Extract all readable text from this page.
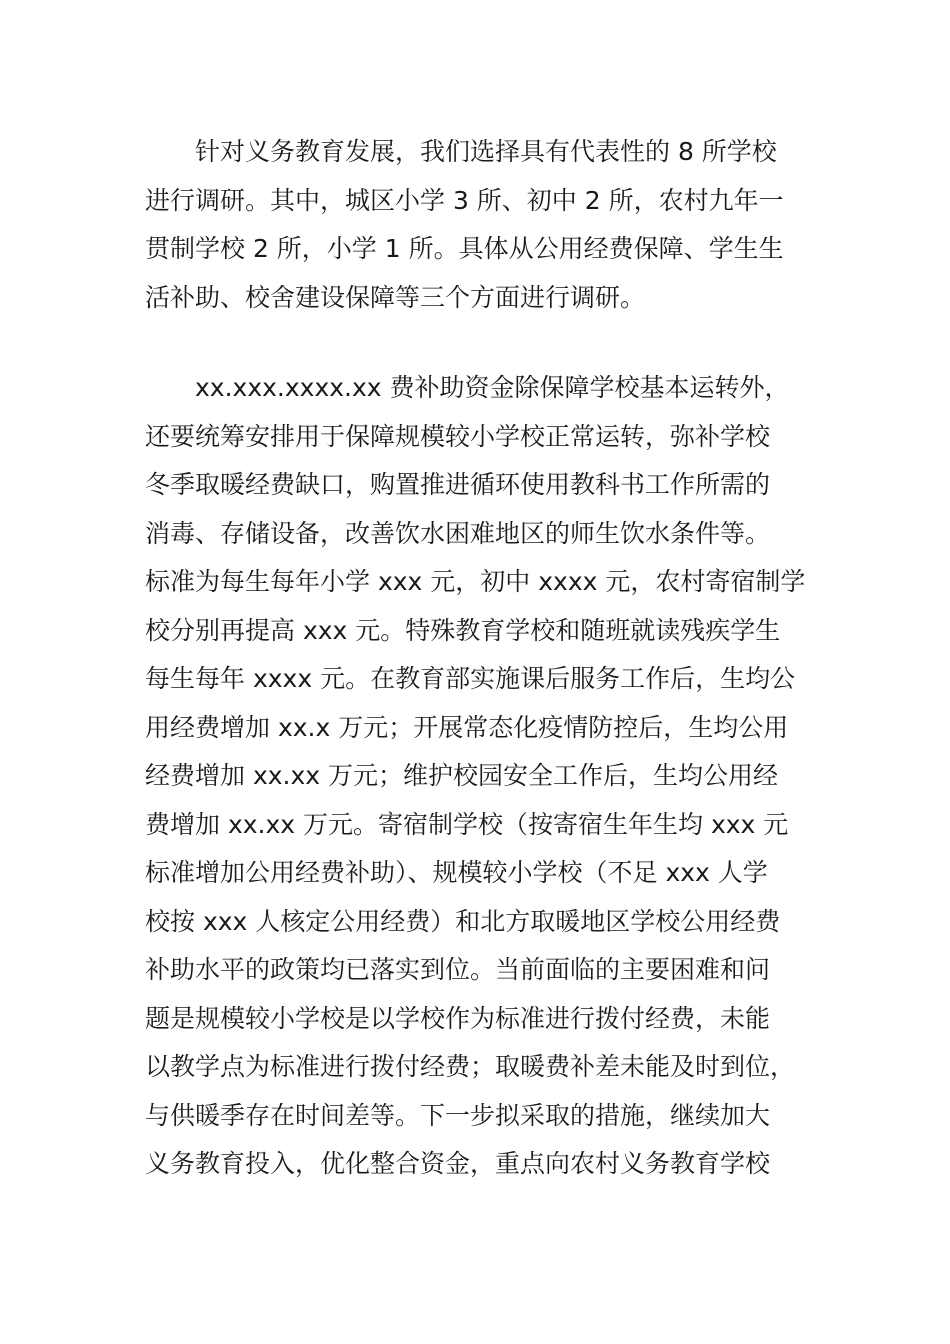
针对义务教育发展，我们选择具有代表性的 8 所学校
进行调研。其中，城区小学 3 所、初中 2 所，农村九年一
贯制学校 2 所，小学 1 所。具体从公用经费保障、学生生
活补助、校舍建设保障等三个方面进行调研。
xx.xxx.xxxx.xx 费补助资金除保障学校基本运转外，
还要统筹安排用于保障规模较小学校正常运转，弥补学校
冬季取暖经费缺口，购置推进循环使用教科书工作所需的
消毒、存储设备，改善饮水困难地区的师生饮水条件等。
标准为每生每年小学 xxx 元，初中 xxxx 元，农村寄宿制学
校分别再提高 xxx 元。特殊教育学校和随班就读残疾学生
每生每年 xxxx 元。在教育部实施课后服务工作后，生均公
用经费增加 xx.x 万元；开展常态化疫情防控后，生均公用
经费增加 xx.xx 万元；维护校园安全工作后，生均公用经
费增加 xx.xx 万元。寄宿制学校（按寄宿生年生均 xxx 元
标准增加公用经费补助）、规模较小学校（不足 xxx 人学
校按 xxx 人核定公用经费）和北方取暖地区学校公用经费
补助水平的政策均已落实到位。当前面临的主要困难和问
题是规模较小学校是以学校作为标准进行拨付经费，未能
以教学点为标准进行拨付经费；取暖费补差未能及时到位，
与供暖季存在时间差等。下一步拟采取的措施，继续加大
义务教育投入，优化整合资金，重点向农村义务教育学校
